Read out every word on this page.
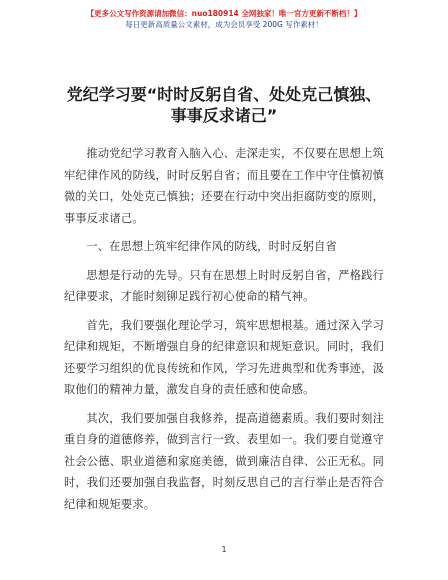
【更多公文写作资源请加微信：nuo180914 全网独家！唯一官方更新不断档！】
每日更新高质量公文素材，成为会员享受 200G 写作素材！
党纪学习要“时时反躬自省、处处克己慎独、
事事反求诸己”

推动党纪学习教育入脑入心、走深走实，不仅要在思想上筑牢纪律作风的防线，时时反躬自省；而且要在工作中守住慎初慎微的关口，处处克己慎独；还要在行动中突出拒腐防变的原则，事事反求诸己。

一、在思想上筑牢纪律作风的防线，时时反躬自省

思想是行动的先导。只有在思想上时时反躬自省，严格践行纪律要求，才能时刻铆足践行初心使命的精气神。

首先，我们要强化理论学习，筑牢思想根基。通过深入学习纪律和规矩，不断增强自身的纪律意识和规矩意识。同时，我们还要学习组织的优良传统和作风，学习先进典型和优秀事迹，汲取他们的精神力量，激发自身的责任感和使命感。

其次，我们要加强自我修养，提高道德素质。我们要时刻注重自身的道德修养，做到言行一致、表里如一。我们要自觉遵守社会公德、职业道德和家庭美德，做到廉洁自律、公正无私。同时，我们还要加强自我监督，时刻反思自己的言行举止是否符合纪律和规矩要求。

1
